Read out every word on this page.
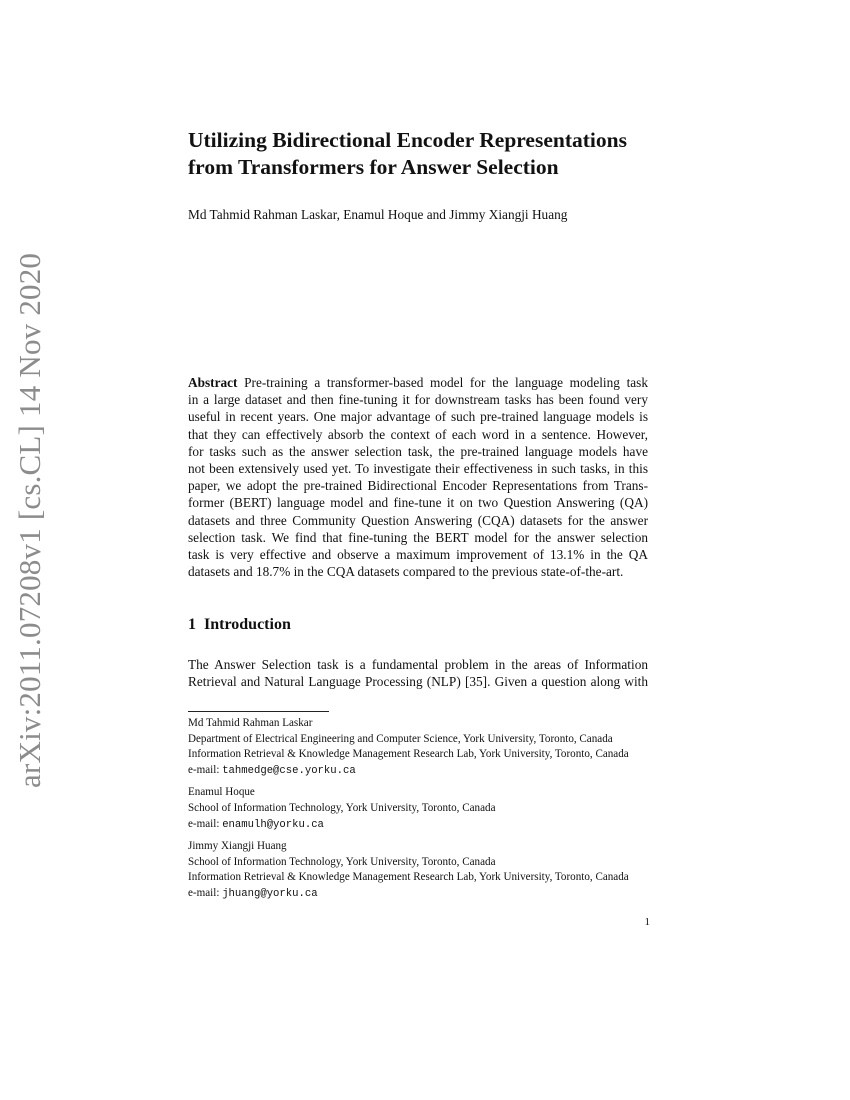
arXiv:2011.07208v1 [cs.CL] 14 Nov 2020
Utilizing Bidirectional Encoder Representations
from Transformers for Answer Selection
Md Tahmid Rahman Laskar, Enamul Hoque and Jimmy Xiangji Huang
Abstract Pre-training a transformer-based model for the language modeling task
in a large dataset and then fine-tuning it for downstream tasks has been found very
useful in recent years. One major advantage of such pre-trained language models is
that they can effectively absorb the context of each word in a sentence. However,
for tasks such as the answer selection task, the pre-trained language models have
not been extensively used yet. To investigate their effectiveness in such tasks, in this
paper, we adopt the pre-trained Bidirectional Encoder Representations from Trans-
former (BERT) language model and fine-tune it on two Question Answering (QA)
datasets and three Community Question Answering (CQA) datasets for the answer
selection task. We find that fine-tuning the BERT model for the answer selection
task is very effective and observe a maximum improvement of 13.1% in the QA
datasets and 18.7% in the CQA datasets compared to the previous state-of-the-art.
1 Introduction
The Answer Selection task is a fundamental problem in the areas of Information
Retrieval and Natural Language Processing (NLP) [35]. Given a question along with
Md Tahmid Rahman Laskar
Department of Electrical Engineering and Computer Science, York University, Toronto, Canada
Information Retrieval & Knowledge Management Research Lab, York University, Toronto, Canada
e-mail: tahmedge@cse.yorku.ca
Enamul Hoque
School of Information Technology, York University, Toronto, Canada
e-mail: enamulh@yorku.ca
Jimmy Xiangji Huang
School of Information Technology, York University, Toronto, Canada
Information Retrieval & Knowledge Management Research Lab, York University, Toronto, Canada
e-mail: jhuang@yorku.ca
1
